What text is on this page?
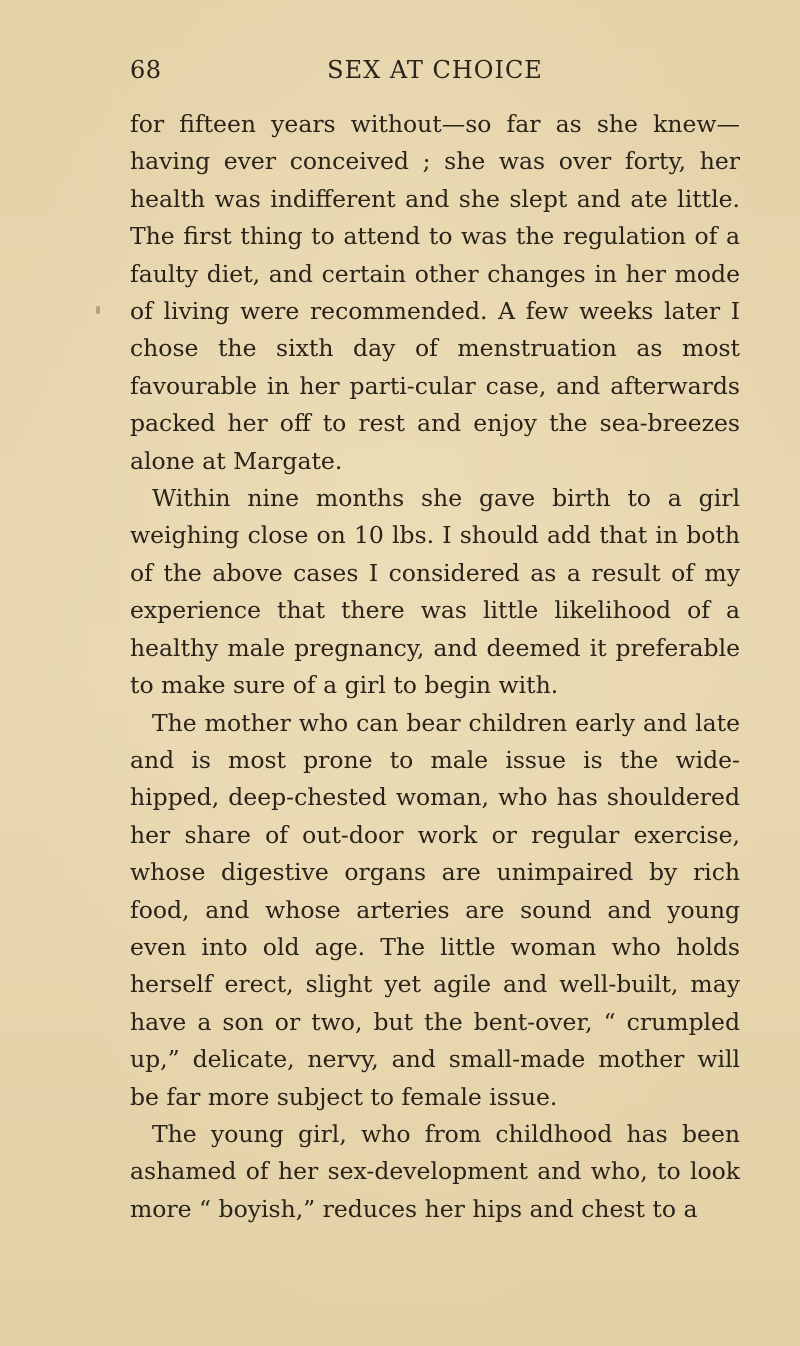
68	SEX AT CHOICE

for fifteen years without—so far as she knew—having ever conceived ; she was over forty, her health was indifferent and she slept and ate little. The first thing to attend to was the regulation of a faulty diet, and certain other changes in her mode of living were recommended. A few weeks later I chose the sixth day of menstruation as most favourable in her parti-cular case, and afterwards packed her off to rest and enjoy the sea-breezes alone at Margate.

Within nine months she gave birth to a girl weighing close on 10 lbs. I should add that in both of the above cases I considered as a result of my experience that there was little likelihood of a healthy male pregnancy, and deemed it preferable to make sure of a girl to begin with.

The mother who can bear children early and late and is most prone to male issue is the wide-hipped, deep-chested woman, who has shouldered her share of out-door work or regular exercise, whose digestive organs are unimpaired by rich food, and whose arteries are sound and young even into old age. The little woman who holds herself erect, slight yet agile and well-built, may have a son or two, but the bent-over, “ crumpled up,” delicate, nervy, and small-made mother will be far more subject to female issue.

The young girl, who from childhood has been ashamed of her sex-development and who, to look more “ boyish,” reduces her hips and chest to a
